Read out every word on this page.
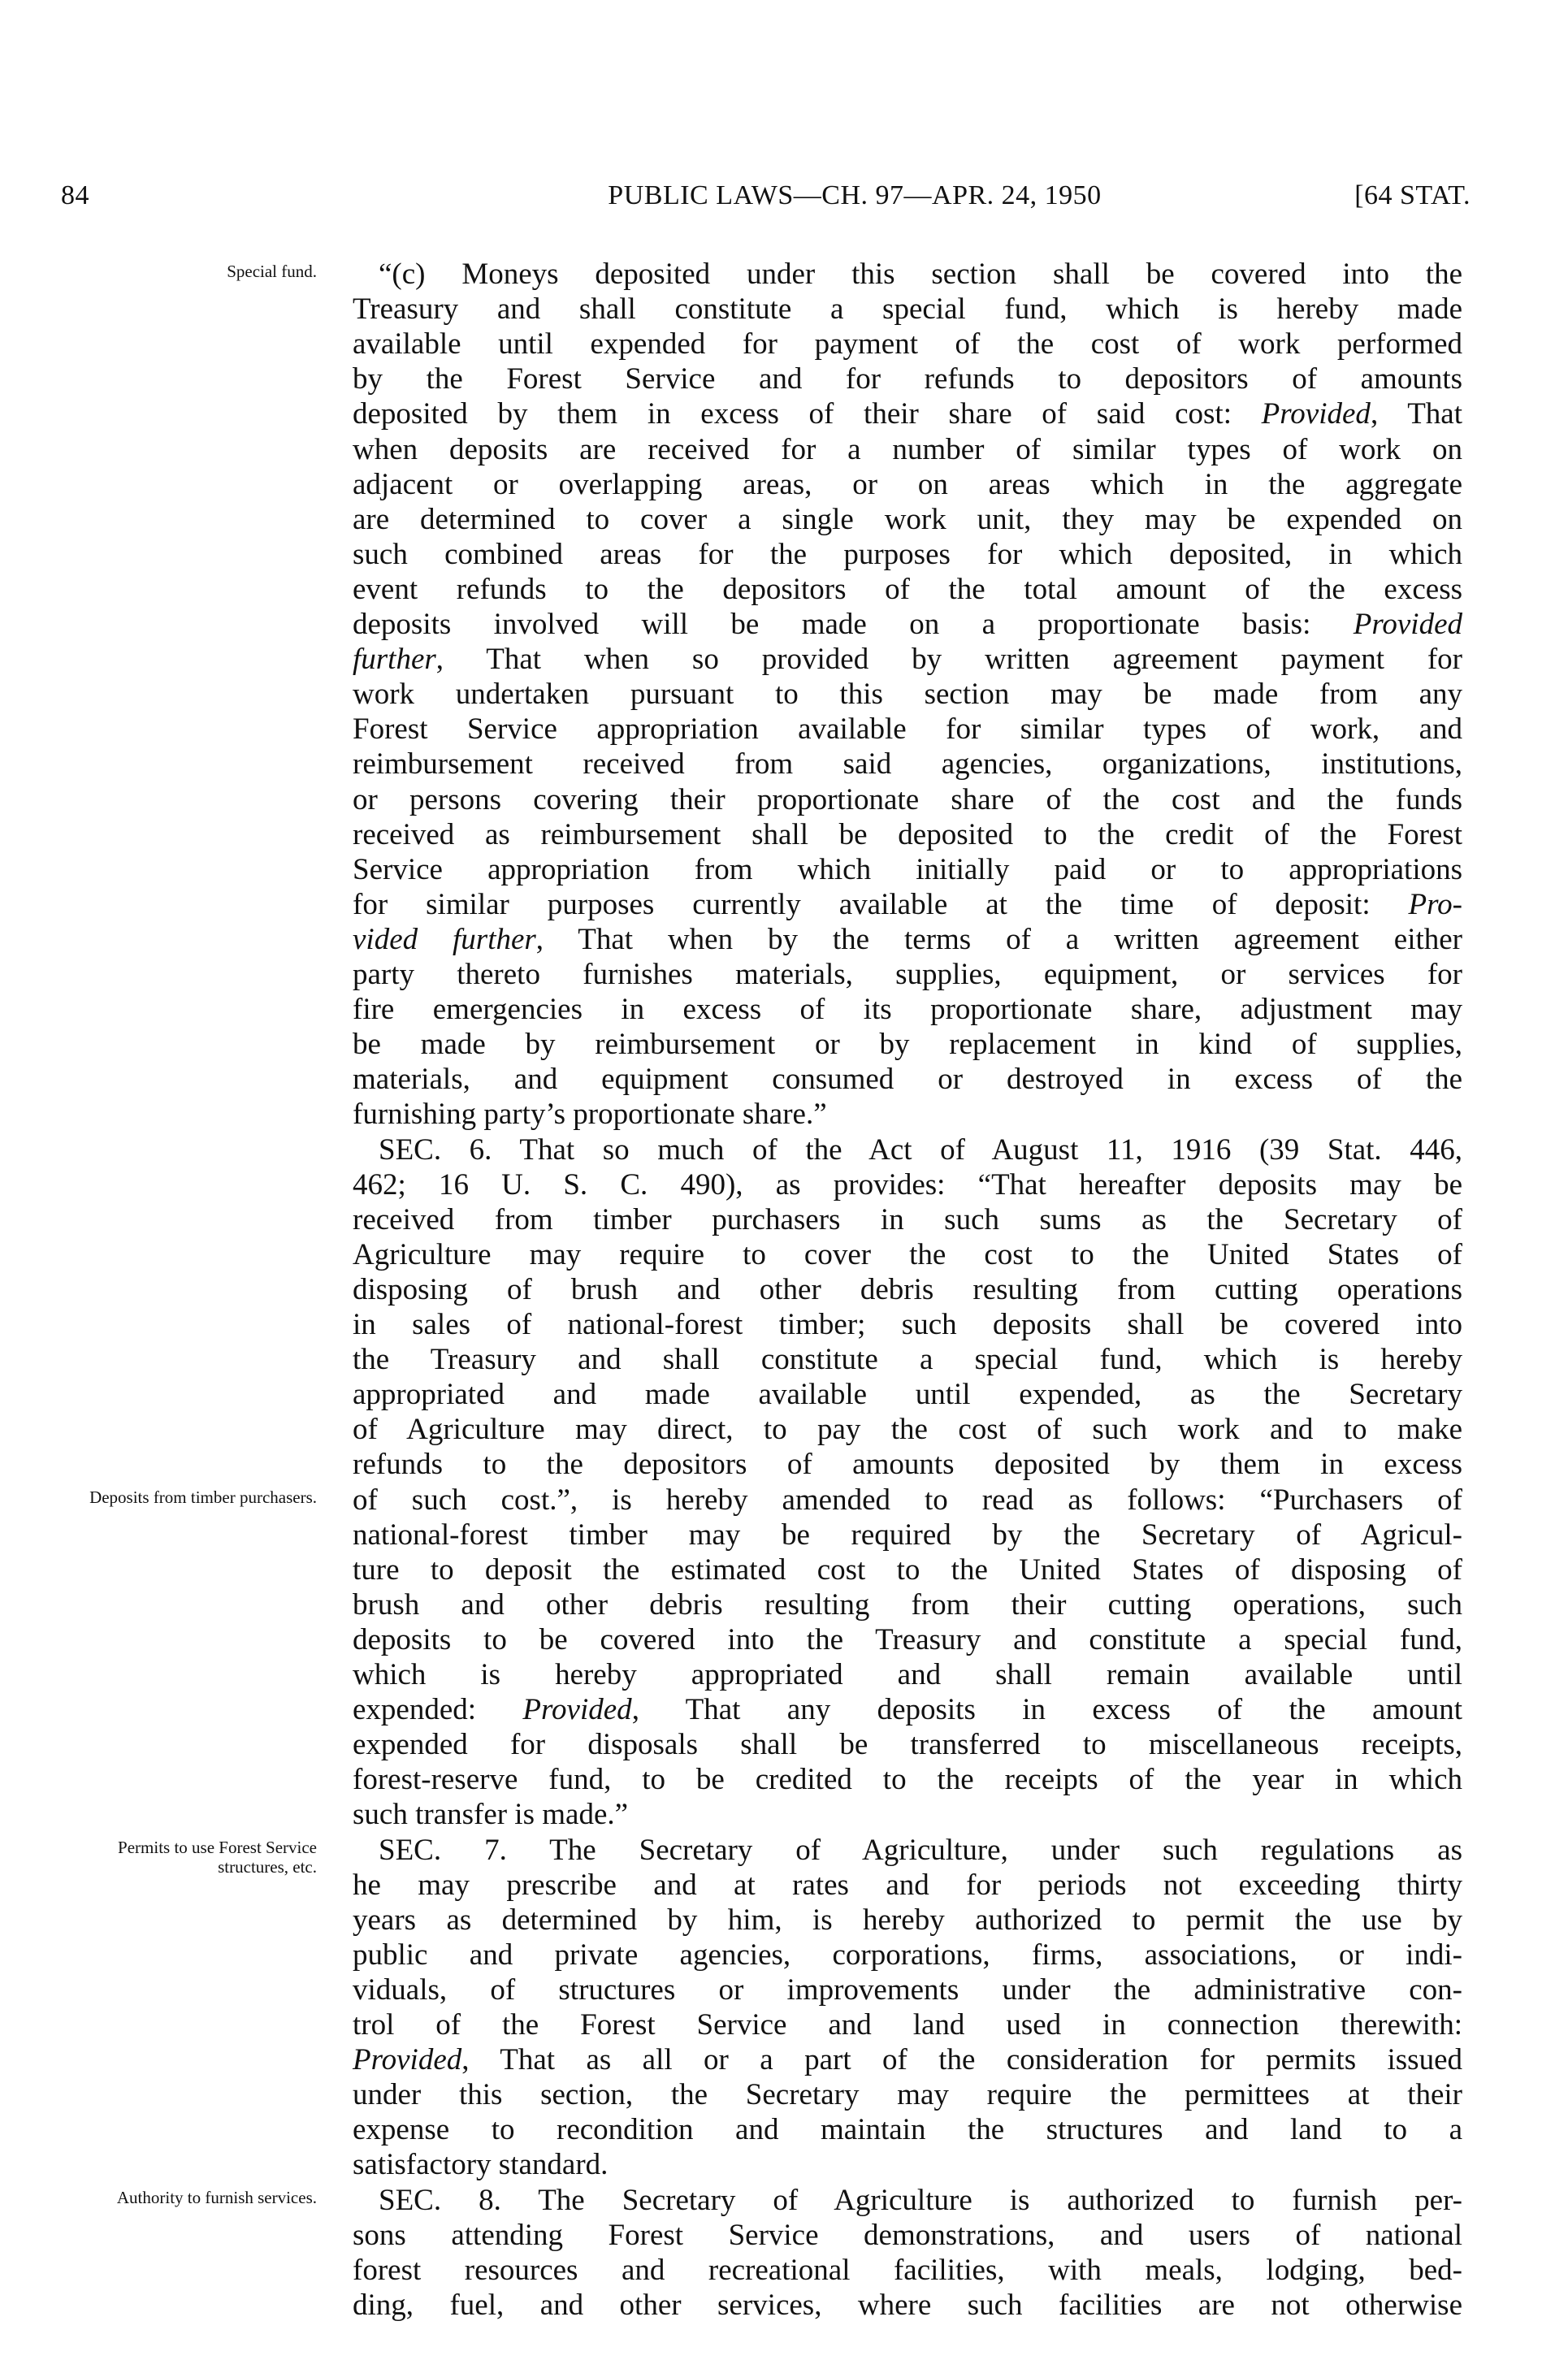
84	PUBLIC LAWS—CH. 97—APR. 24, 1950	[64 STAT.
“(c) Moneys deposited under this section shall be covered into the
Treasury and shall constitute a special fund, which is hereby made
available until expended for payment of the cost of work performed
by the Forest Service and for refunds to depositors of amounts
deposited by them in excess of their share of said cost: Provided, That
when deposits are received for a number of similar types of work on
adjacent or overlapping areas, or on areas which in the aggregate
are determined to cover a single work unit, they may be expended on
such combined areas for the purposes for which deposited, in which
event refunds to the depositors of the total amount of the excess
deposits involved will be made on a proportionate basis: Provided
further, That when so provided by written agreement payment for
work undertaken pursuant to this section may be made from any
Forest Service appropriation available for similar types of work, and
reimbursement received from said agencies, organizations, institutions,
or persons covering their proportionate share of the cost and the funds
received as reimbursement shall be deposited to the credit of the Forest
Service appropriation from which initially paid or to appropriations
for similar purposes currently available at the time of deposit: Pro-
vided further, That when by the terms of a written agreement either
party thereto furnishes materials, supplies, equipment, or services for
fire emergencies in excess of its proportionate share, adjustment may
be made by reimbursement or by replacement in kind of supplies,
materials, and equipment consumed or destroyed in excess of the
furnishing party’s proportionate share.”
SEC. 6. That so much of the Act of August 11, 1916 (39 Stat. 446,
462; 16 U. S. C. 490), as provides: “That hereafter deposits may be
received from timber purchasers in such sums as the Secretary of
Agriculture may require to cover the cost to the United States of
disposing of brush and other debris resulting from cutting operations
in sales of national-forest timber; such deposits shall be covered into
the Treasury and shall constitute a special fund, which is hereby
appropriated and made available until expended, as the Secretary
of Agriculture may direct, to pay the cost of such work and to make
refunds to the depositors of amounts deposited by them in excess
of such cost.”, is hereby amended to read as follows: “Purchasers of
national-forest timber may be required by the Secretary of Agricul-
ture to deposit the estimated cost to the United States of disposing of
brush and other debris resulting from their cutting operations, such
deposits to be covered into the Treasury and constitute a special fund,
which is hereby appropriated and shall remain available until
expended: Provided, That any deposits in excess of the amount
expended for disposals shall be transferred to miscellaneous receipts,
forest-reserve fund, to be credited to the receipts of the year in which
such transfer is made.”
SEC. 7. The Secretary of Agriculture, under such regulations as
he may prescribe and at rates and for periods not exceeding thirty
years as determined by him, is hereby authorized to permit the use by
public and private agencies, corporations, firms, associations, or indi-
viduals, of structures or improvements under the administrative con-
trol of the Forest Service and land used in connection therewith:
Provided, That as all or a part of the consideration for permits issued
under this section, the Secretary may require the permittees at their
expense to recondition and maintain the structures and land to a
satisfactory standard.
SEC. 8. The Secretary of Agriculture is authorized to furnish per-
sons attending Forest Service demonstrations, and users of national
forest resources and recreational facilities, with meals, lodging, bed-
ding, fuel, and other services, where such facilities are not otherwise
Special fund.
Deposits from timber purchasers.
Permits to use Forest Service structures, etc.
Authority to furnish services.
